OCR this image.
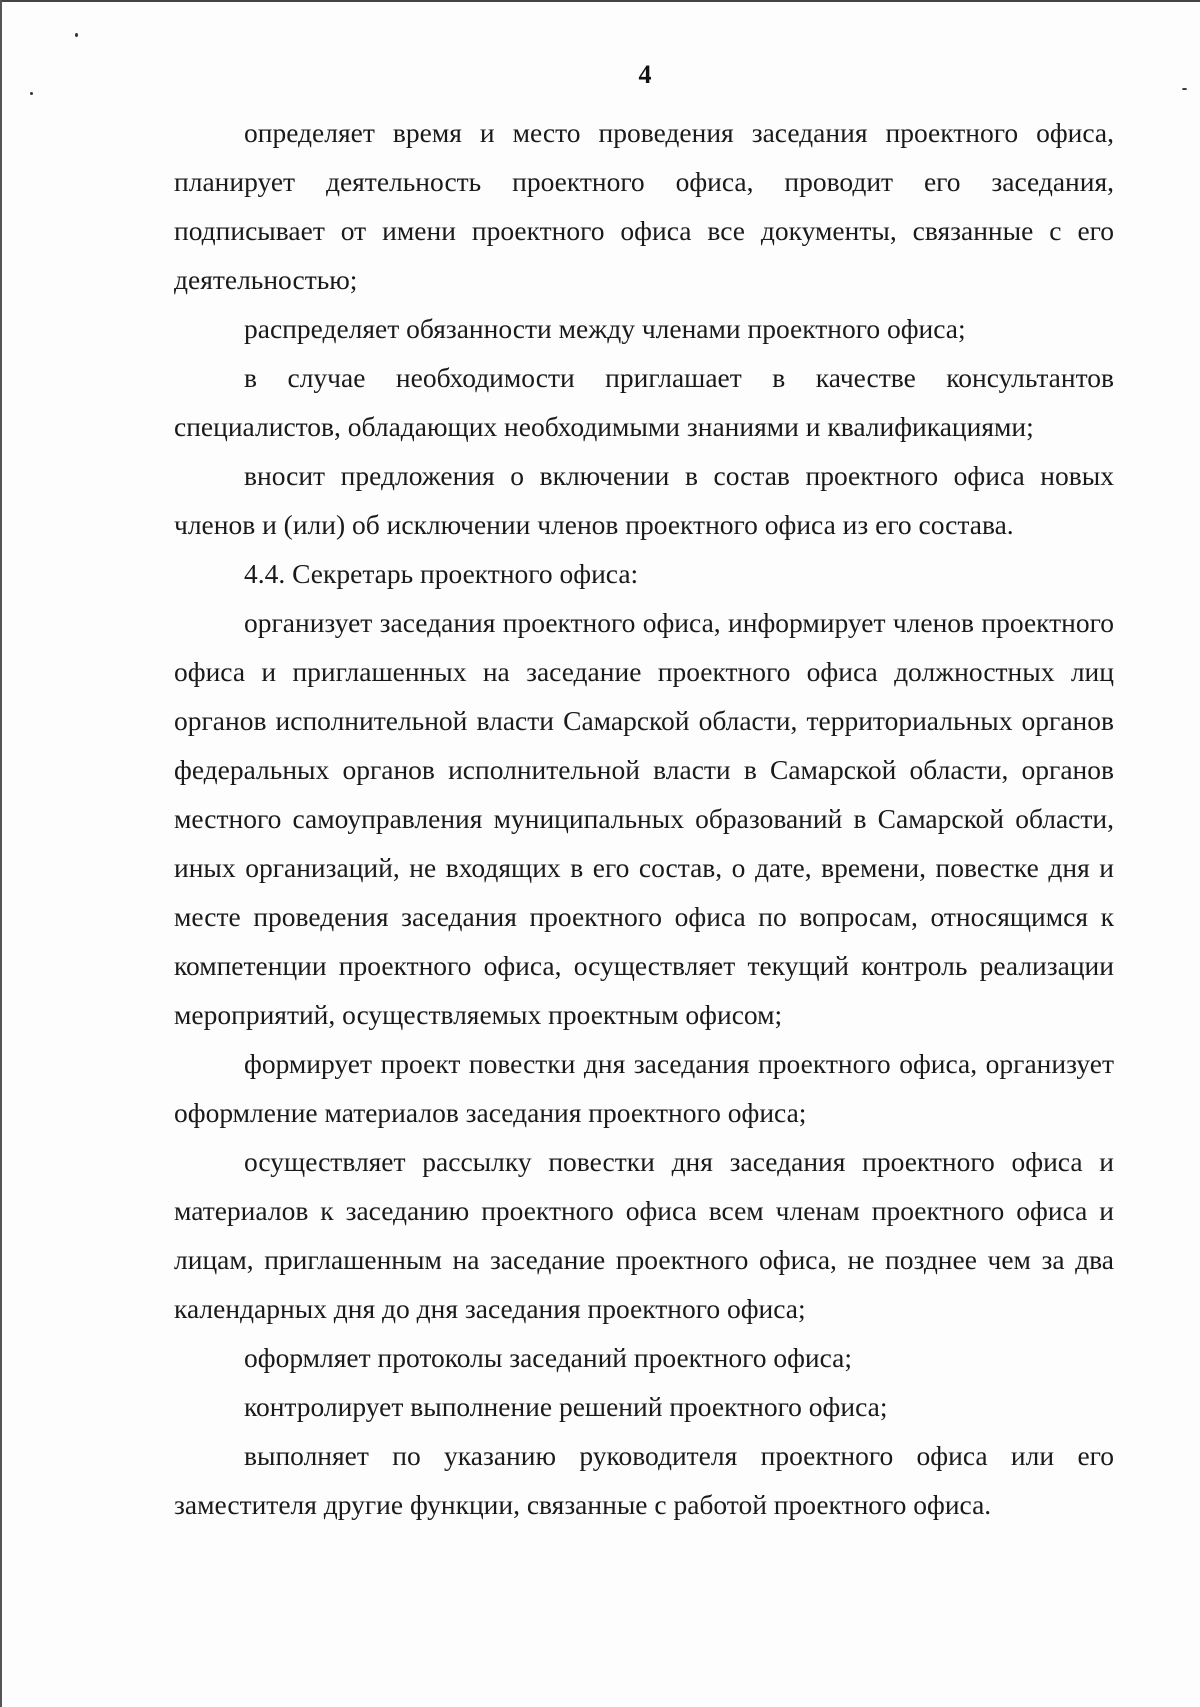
4

определяет время и место проведения заседания проектного офиса, планирует деятельность проектного офиса, проводит его заседания, подписывает от имени проектного офиса все документы, связанные с его деятельностью;

распределяет обязанности между членами проектного офиса;

в случае необходимости приглашает в качестве консультантов специалистов, обладающих необходимыми знаниями и квалификациями;

вносит предложения о включении в состав проектного офиса новых членов и (или) об исключении членов проектного офиса из его состава.

4.4. Секретарь проектного офиса:

организует заседания проектного офиса, информирует членов проектного офиса и приглашенных на заседание проектного офиса должностных лиц органов исполнительной власти Самарской области, территориальных органов федеральных органов исполнительной власти в Самарской области, органов местного самоуправления муниципальных образований в Самарской области, иных организаций, не входящих в его состав, о дате, времени, повестке дня и месте проведения заседания проектного офиса по вопросам, относящимся к компетенции проектного офиса, осуществляет текущий контроль реализации мероприятий, осуществляемых проектным офисом;

формирует проект повестки дня заседания проектного офиса, организует оформление материалов заседания проектного офиса;

осуществляет рассылку повестки дня заседания проектного офиса и материалов к заседанию проектного офиса всем членам проектного офиса и лицам, приглашенным на заседание проектного офиса, не позднее чем за два календарных дня до дня заседания проектного офиса;

оформляет протоколы заседаний проектного офиса;

контролирует выполнение решений проектного офиса;

выполняет по указанию руководителя проектного офиса или его заместителя другие функции, связанные с работой проектного офиса.
